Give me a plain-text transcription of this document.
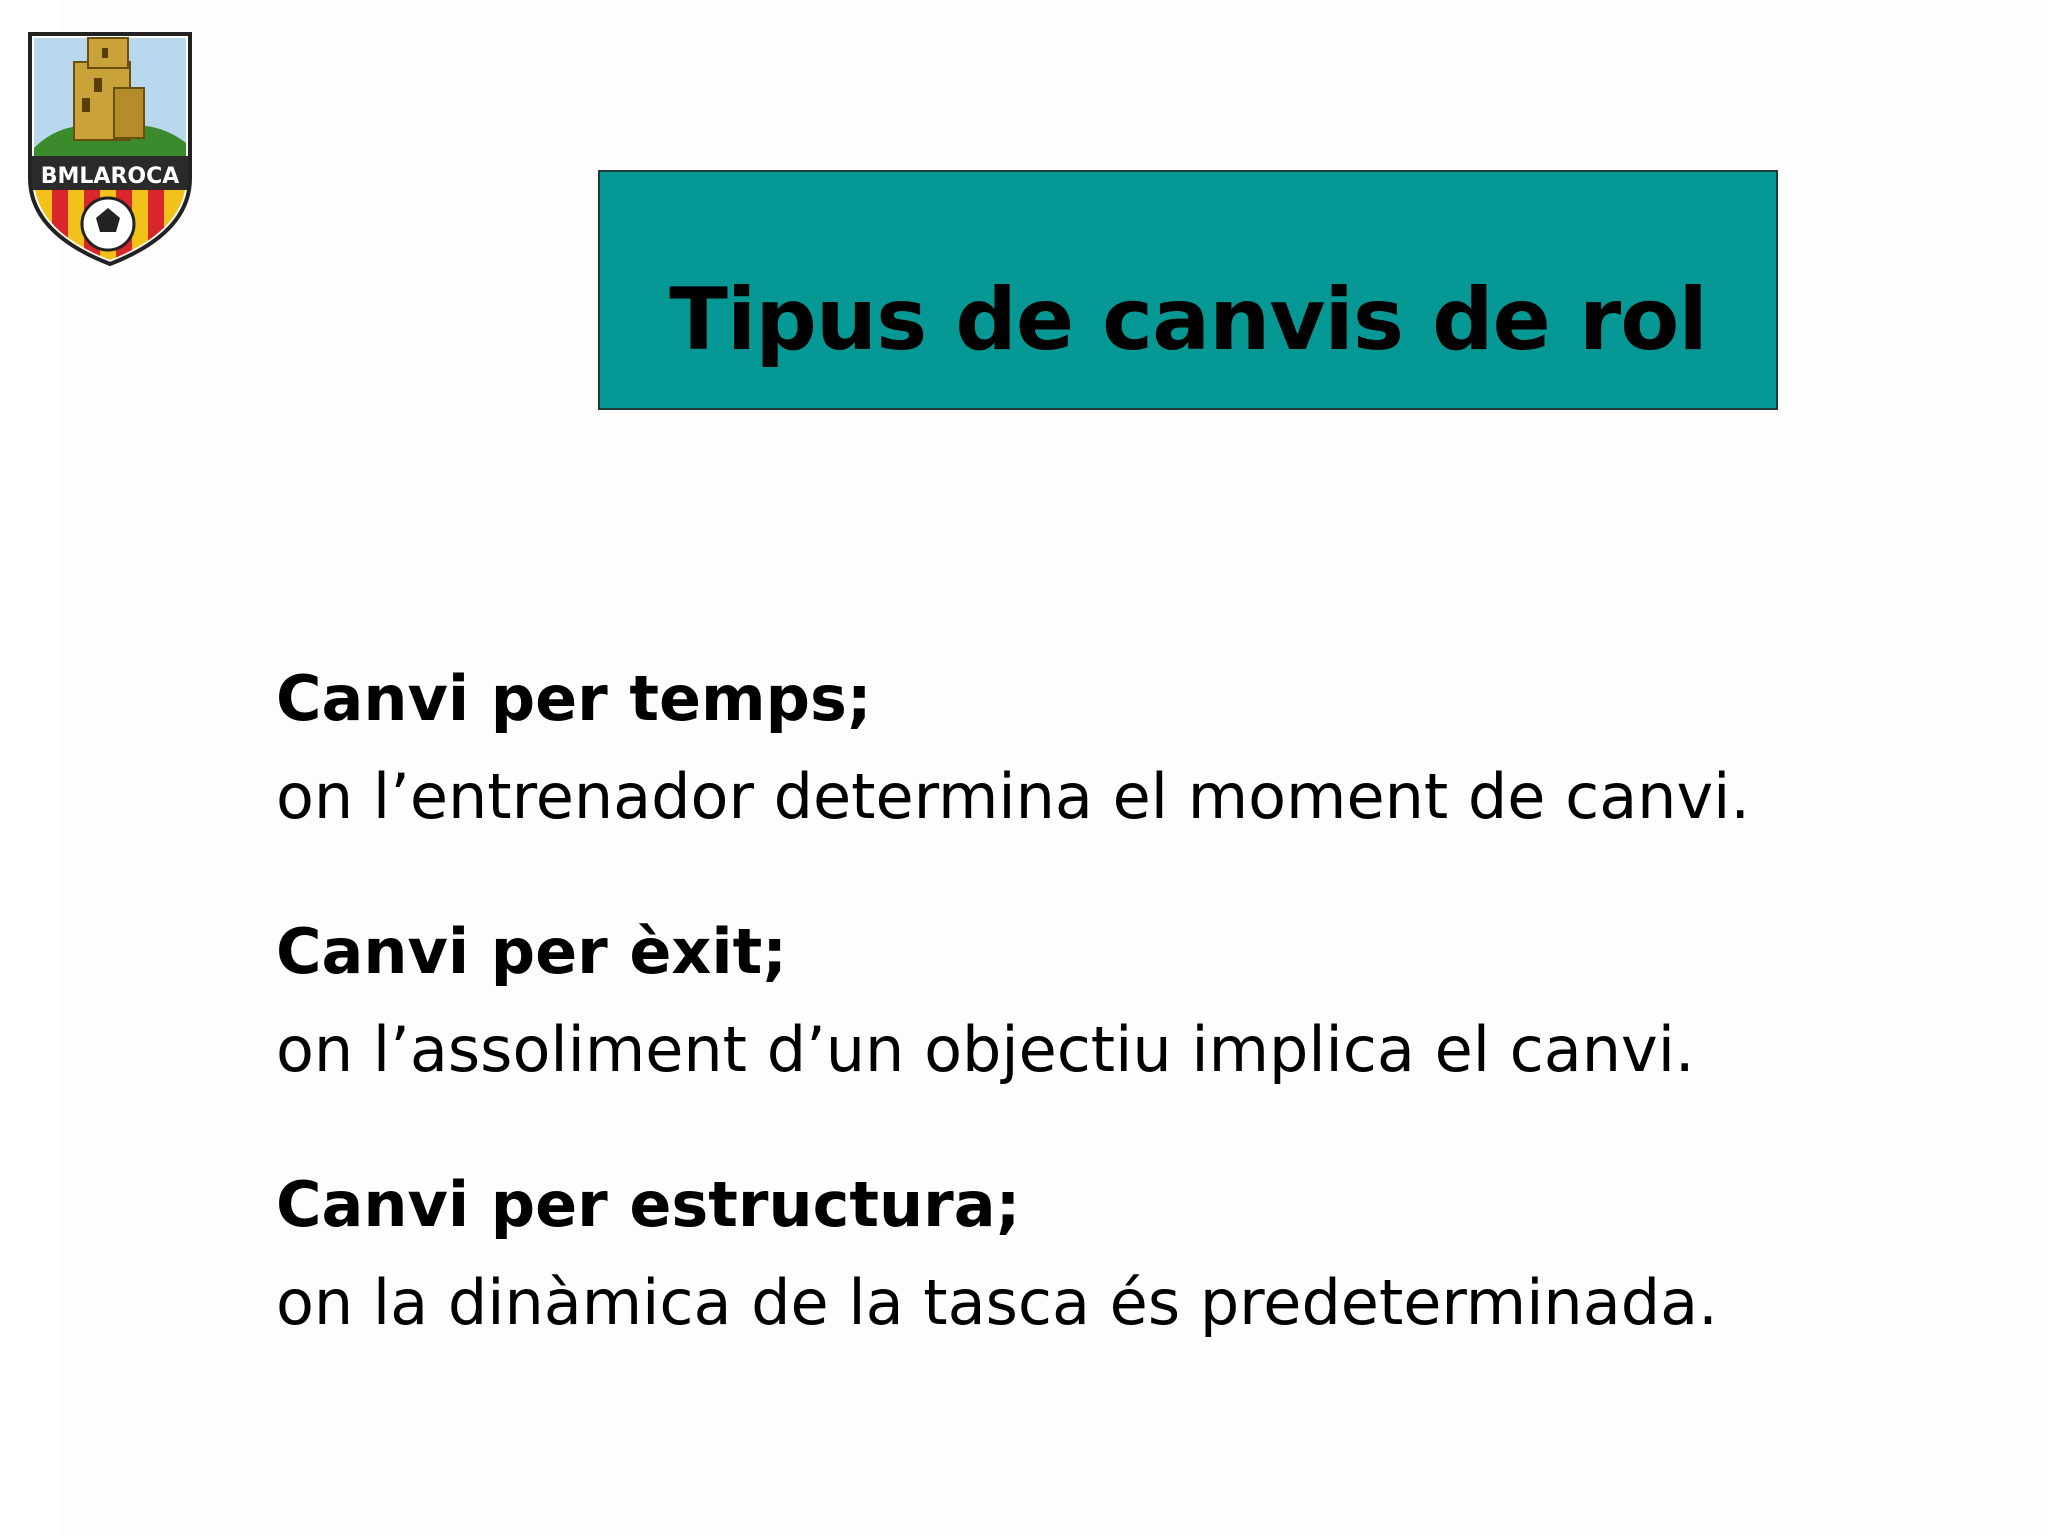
BMLAROCA
Tipus de canvis de rol
Canvi per temps;
on l’entrenador determina el moment de canvi.
Canvi per èxit;
on l’assoliment d’un objectiu implica el canvi.
Canvi per estructura;
on la dinàmica de la tasca és predeterminada.
